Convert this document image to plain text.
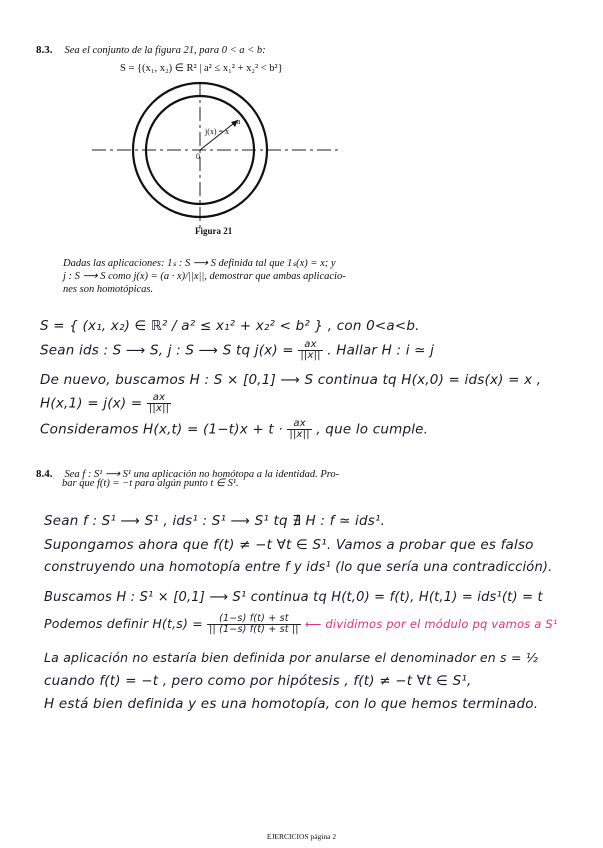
8.3. Sea el conjunto de la figura 21, para 0 < a < b:
S = {(x₁, x₂) ∈ R² | a² ≤ x₁² + x₂² < b²}
j(x) = x
a
0
Figura 21
Dadas las aplicaciones: 1ₛ : S ⟶ S definida tal que 1ₛ(x) = x; y
j : S ⟶ S como j(x) = (a · x)/||x||, demostrar que ambas aplicacio-
nes son homotópicas.
S = { (x₁, x₂) ∈ ℝ² / a² ≤ x₁² + x₂² < b² } , con 0<a<b.
Sean ids : S ⟶ S, j : S ⟶ S tq $j(x) = \frac{ax}{||x||}$ . Hallar H : i ≃ j
De nuevo, buscamos H : S × [0,1] ⟶ S continua tq H(x,0) = ids(x) = x ,
$H(x,1) = j(x) = \frac{ax}{||x||}$
Consideramos $H(x,t) = (1-t)x + t \cdot \frac{ax}{||x||}$ , que lo cumple.
8.4. Sea f : S¹ ⟶ S¹ una aplicación no homótopa a la identidad. Pro-
bar que f(t) = −t para algún punto t ∈ S¹.
Sean f : S¹ ⟶ S¹ , ids¹ : S¹ ⟶ S¹ tq ∄ H : f ≃ ids¹.
Supongamos ahora que f(t) ≠ −t ∀t ∈ S¹. Vamos a probar que es falso
construyendo una homotopía entre f y ids¹ (lo que sería una contradicción).
Buscamos H : S¹ × [0,1] ⟶ S¹ continua tq H(t,0) = f(t), H(t,1) = ids¹(t) = t
Podemos definir $H(t,s) = \frac{(1-s) f(t) + st}{|| (1-s) f(t) + st ||}$ ⟵ dividimos por el módulo pq vamos a S¹
La aplicación no estaría bien definida por anularse el denominador en s = ½
cuando f(t) = −t , pero como por hipótesis , f(t) ≠ −t ∀t ∈ S¹,
H está bien definida y es una homotopía, con lo que hemos terminado.
EJERCICIOS página 2
